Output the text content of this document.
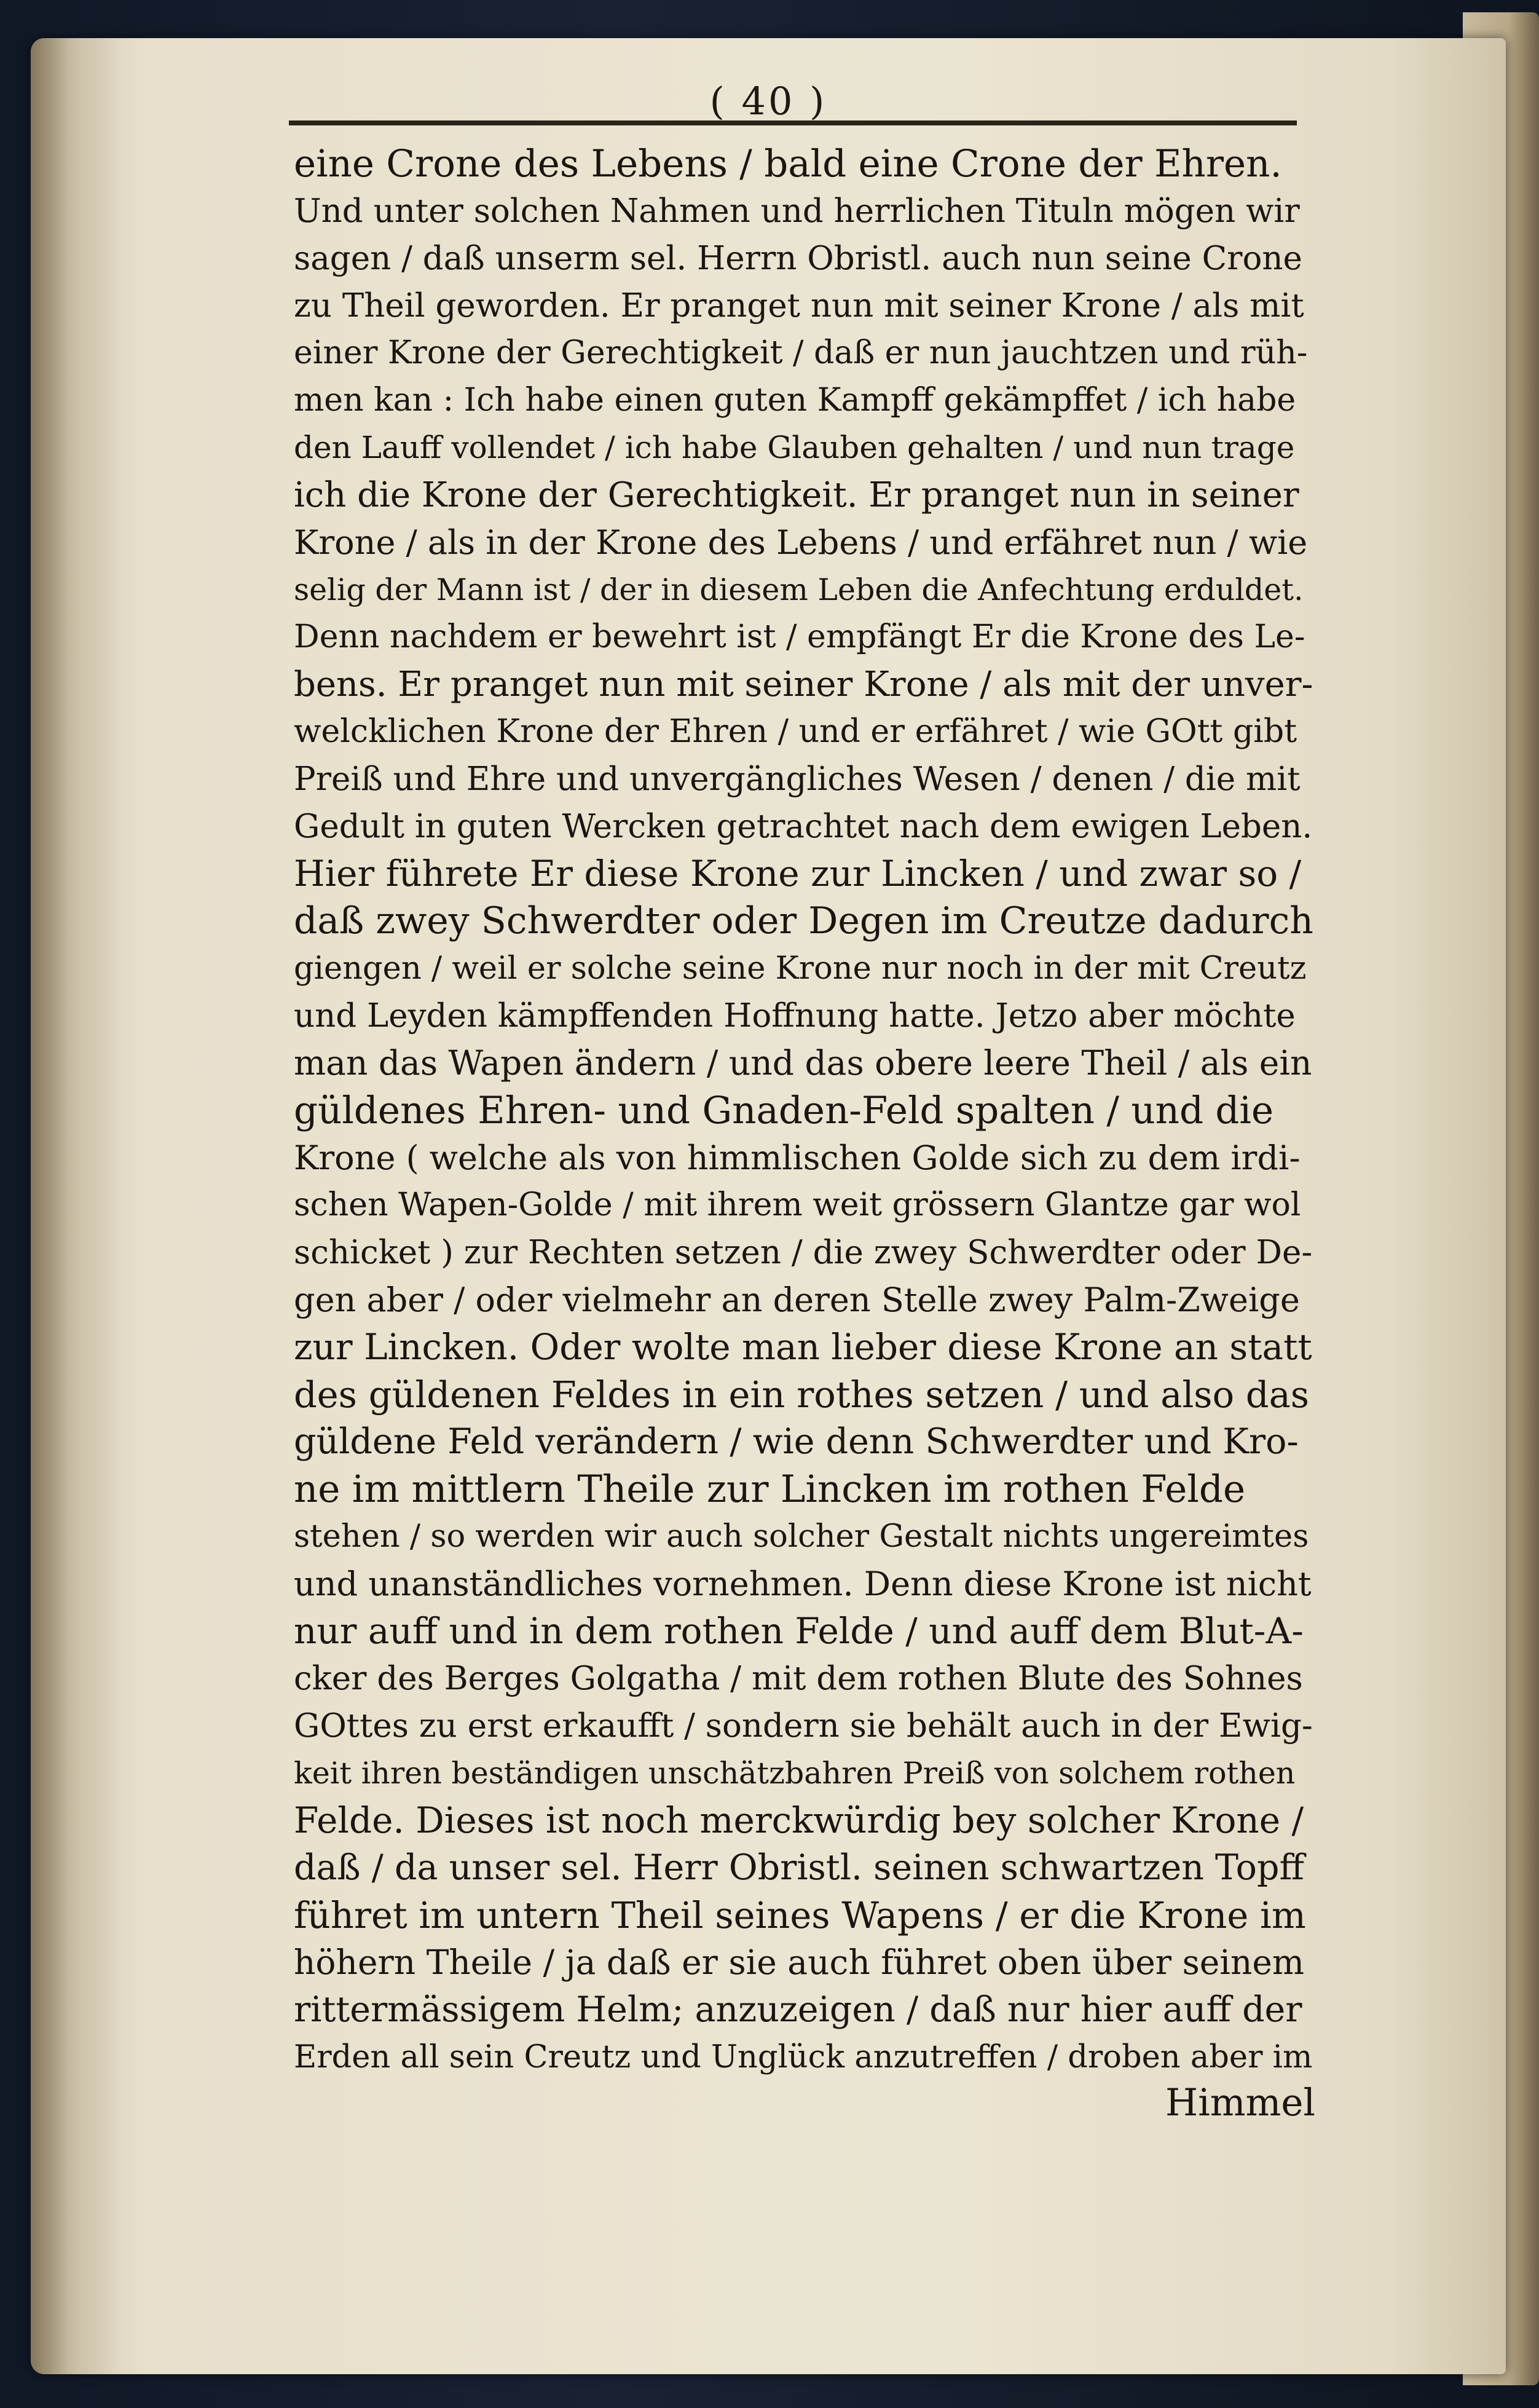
( 40 )
eine Crone des Lebens / bald eine Crone der Ehren.
Und unter solchen Nahmen und herrlichen Tituln mögen wir
sagen / daß unserm sel. Herrn Obristl. auch nun seine Crone
zu Theil geworden. Er pranget nun mit seiner Krone / als mit
einer Krone der Gerechtigkeit / daß er nun jauchtzen und rüh-
men kan : Ich habe einen guten Kampff gekämpffet / ich habe
den Lauff vollendet / ich habe Glauben gehalten / und nun trage
ich die Krone der Gerechtigkeit. Er pranget nun in seiner
Krone / als in der Krone des Lebens / und erfähret nun / wie
selig der Mann ist / der in diesem Leben die Anfechtung erduldet.
Denn nachdem er bewehrt ist / empfängt Er die Krone des Le-
bens. Er pranget nun mit seiner Krone / als mit der unver-
welcklichen Krone der Ehren / und er erfähret / wie GOtt gibt
Preiß und Ehre und unvergängliches Wesen / denen / die mit
Gedult in guten Wercken getrachtet nach dem ewigen Leben.
Hier führete Er diese Krone zur Lincken / und zwar so /
daß zwey Schwerdter oder Degen im Creutze dadurch
giengen / weil er solche seine Krone nur noch in der mit Creutz
und Leyden kämpffenden Hoffnung hatte. Jetzo aber möchte
man das Wapen ändern / und das obere leere Theil / als ein
güldenes Ehren- und Gnaden-Feld spalten / und die
Krone ( welche als von himmlischen Golde sich zu dem irdi-
schen Wapen-Golde / mit ihrem weit grössern Glantze gar wol
schicket ) zur Rechten setzen / die zwey Schwerdter oder De-
gen aber / oder vielmehr an deren Stelle zwey Palm-Zweige
zur Lincken. Oder wolte man lieber diese Krone an statt
des güldenen Feldes in ein rothes setzen / und also das
güldene Feld verändern / wie denn Schwerdter und Kro-
ne im mittlern Theile zur Lincken im rothen Felde
stehen / so werden wir auch solcher Gestalt nichts ungereimtes
und unanständliches vornehmen. Denn diese Krone ist nicht
nur auff und in dem rothen Felde / und auff dem Blut-A-
cker des Berges Golgatha / mit dem rothen Blute des Sohnes
GOttes zu erst erkaufft / sondern sie behält auch in der Ewig-
keit ihren beständigen unschätzbahren Preiß von solchem rothen
Felde. Dieses ist noch merckwürdig bey solcher Krone /
daß / da unser sel. Herr Obristl. seinen schwartzen Topff
führet im untern Theil seines Wapens / er die Krone im
höhern Theile / ja daß er sie auch führet oben über seinem
rittermässigem Helm; anzuzeigen / daß nur hier auff der
Erden all sein Creutz und Unglück anzutreffen / droben aber im
Himmel
